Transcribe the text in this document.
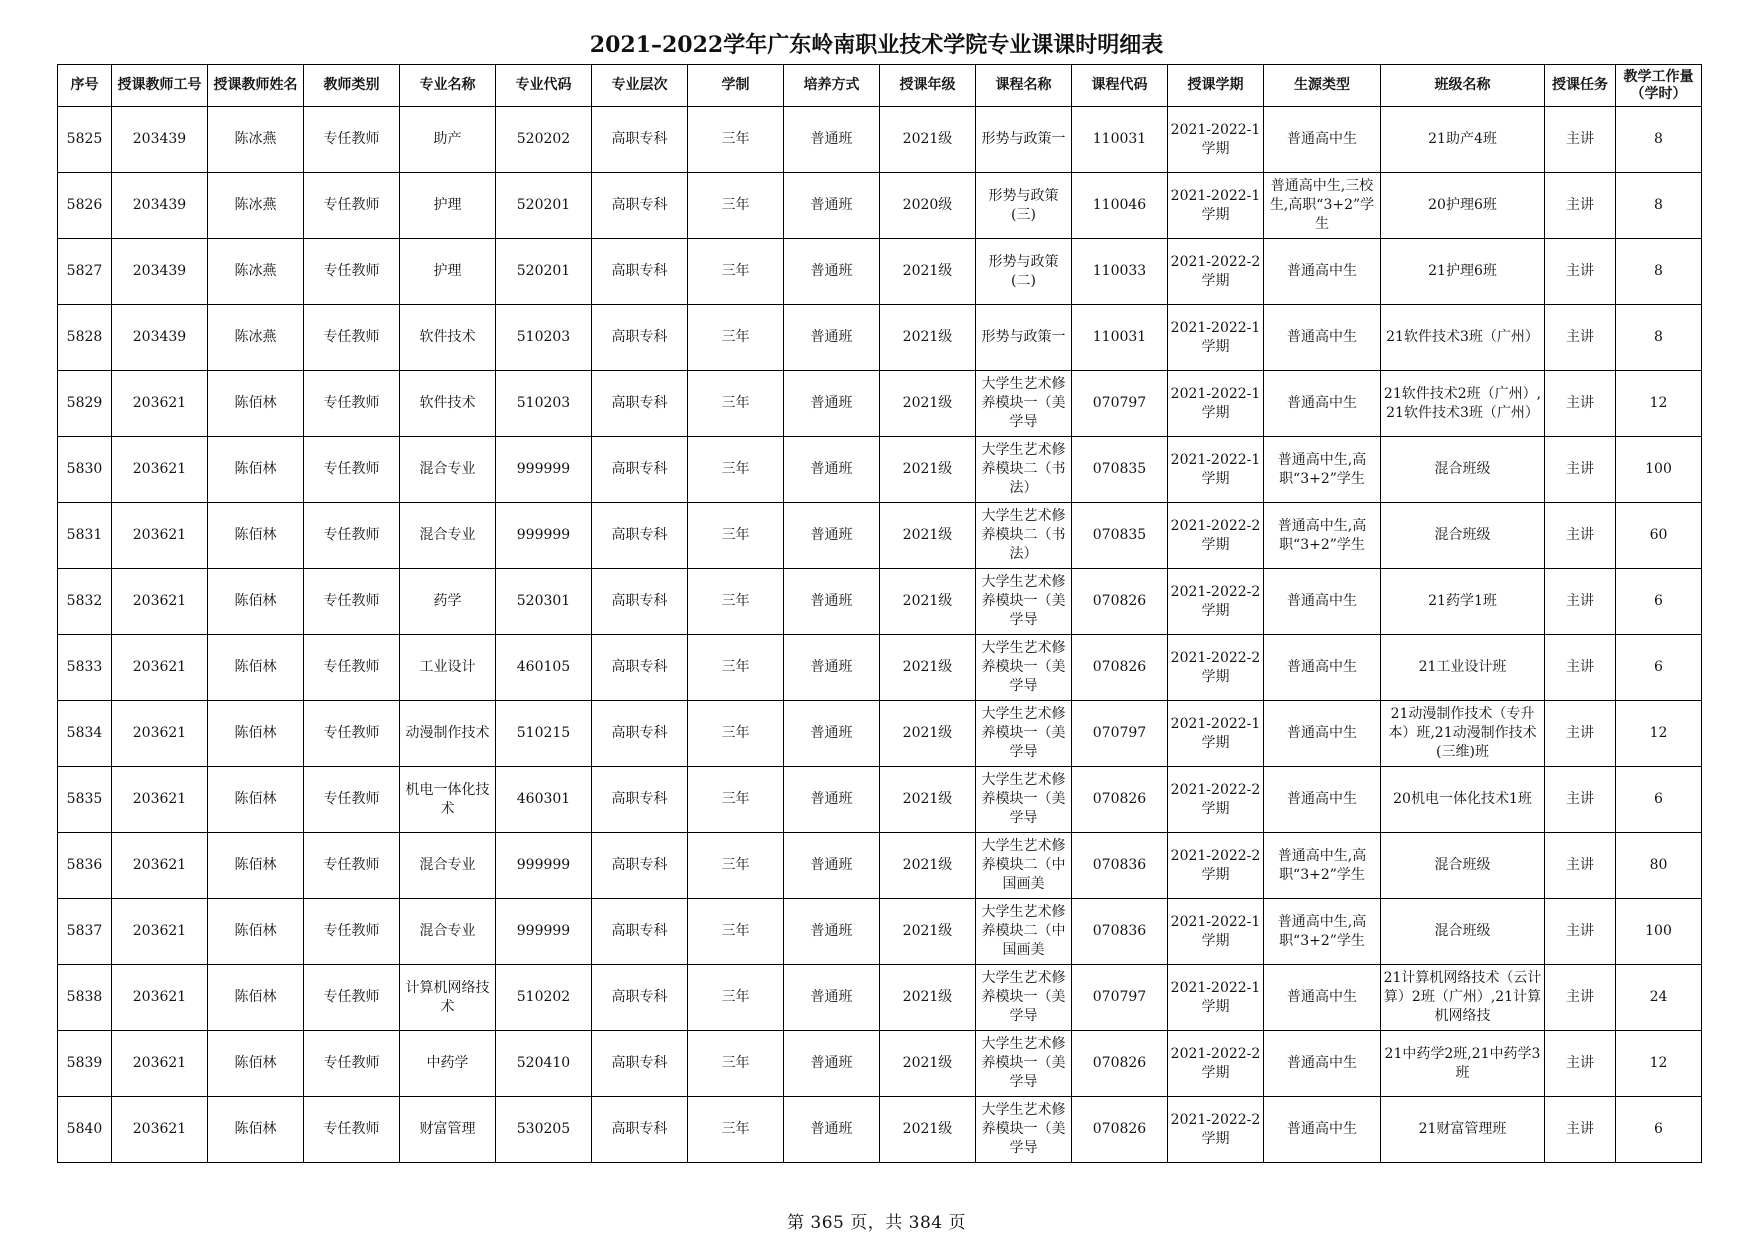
2021–2022学年广东岭南职业技术学院专业课课时明细表
序号	授课教师工号	授课教师姓名	教师类别	专业名称	专业代码	专业层次	学制	培养方式	授课年级	课程名称	课程代码	授课学期	生源类型	班级名称	授课任务	教学工作量（学时）

5825	203439	陈冰燕	专任教师	助产	520202	高职专科	三年	普通班	2021级	形势与政策一	110031	2021-2022-1学期	普通高中生	21助产4班	主讲	8

5826	203439	陈冰燕	专任教师	护理	520201	高职专科	三年	普通班	2020级	形势与政策(三)	110046	2021-2022-1学期	普通高中生,三校生,高职“3+2”学生	20护理6班	主讲	8

5827	203439	陈冰燕	专任教师	护理	520201	高职专科	三年	普通班	2021级	形势与政策(二)	110033	2021-2022-2学期	普通高中生	21护理6班	主讲	8

5828	203439	陈冰燕	专任教师	软件技术	510203	高职专科	三年	普通班	2021级	形势与政策一	110031	2021-2022-1学期	普通高中生	21软件技术3班（广州）	主讲	8

5829	203621	陈佰林	专任教师	软件技术	510203	高职专科	三年	普通班	2021级	大学生艺术修养模块一（美学导	070797	2021-2022-1学期	普通高中生	21软件技术2班（广州）,21软件技术3班（广州）	主讲	12

5830	203621	陈佰林	专任教师	混合专业	999999	高职专科	三年	普通班	2021级	大学生艺术修养模块二（书法）	070835	2021-2022-1学期	普通高中生,高职“3+2”学生	混合班级	主讲	100

5831	203621	陈佰林	专任教师	混合专业	999999	高职专科	三年	普通班	2021级	大学生艺术修养模块二（书法）	070835	2021-2022-2学期	普通高中生,高职“3+2”学生	混合班级	主讲	60

5832	203621	陈佰林	专任教师	药学	520301	高职专科	三年	普通班	2021级	大学生艺术修养模块一（美学导	070826	2021-2022-2学期	普通高中生	21药学1班	主讲	6

5833	203621	陈佰林	专任教师	工业设计	460105	高职专科	三年	普通班	2021级	大学生艺术修养模块一（美学导	070826	2021-2022-2学期	普通高中生	21工业设计班	主讲	6

5834	203621	陈佰林	专任教师	动漫制作技术	510215	高职专科	三年	普通班	2021级	大学生艺术修养模块一（美学导	070797	2021-2022-1学期	普通高中生	21动漫制作技术（专升本）班,21动漫制作技术(三维)班	主讲	12

5835	203621	陈佰林	专任教师	机电一体化技术	460301	高职专科	三年	普通班	2021级	大学生艺术修养模块一（美学导	070826	2021-2022-2学期	普通高中生	20机电一体化技术1班	主讲	6

5836	203621	陈佰林	专任教师	混合专业	999999	高职专科	三年	普通班	2021级	大学生艺术修养模块二（中国画美	070836	2021-2022-2学期	普通高中生,高职“3+2”学生	混合班级	主讲	80

5837	203621	陈佰林	专任教师	混合专业	999999	高职专科	三年	普通班	2021级	大学生艺术修养模块二（中国画美	070836	2021-2022-1学期	普通高中生,高职“3+2”学生	混合班级	主讲	100

5838	203621	陈佰林	专任教师	计算机网络技术	510202	高职专科	三年	普通班	2021级	大学生艺术修养模块一（美学导	070797	2021-2022-1学期	普通高中生	21计算机网络技术（云计算）2班（广州）,21计算机网络技	主讲	24

5839	203621	陈佰林	专任教师	中药学	520410	高职专科	三年	普通班	2021级	大学生艺术修养模块一（美学导	070826	2021-2022-2学期	普通高中生	21中药学2班,21中药学3班	主讲	12

5840	203621	陈佰林	专任教师	财富管理	530205	高职专科	三年	普通班	2021级	大学生艺术修养模块一（美学导	070826	2021-2022-2学期	普通高中生	21财富管理班	主讲	6
第 365 页，共 384 页
